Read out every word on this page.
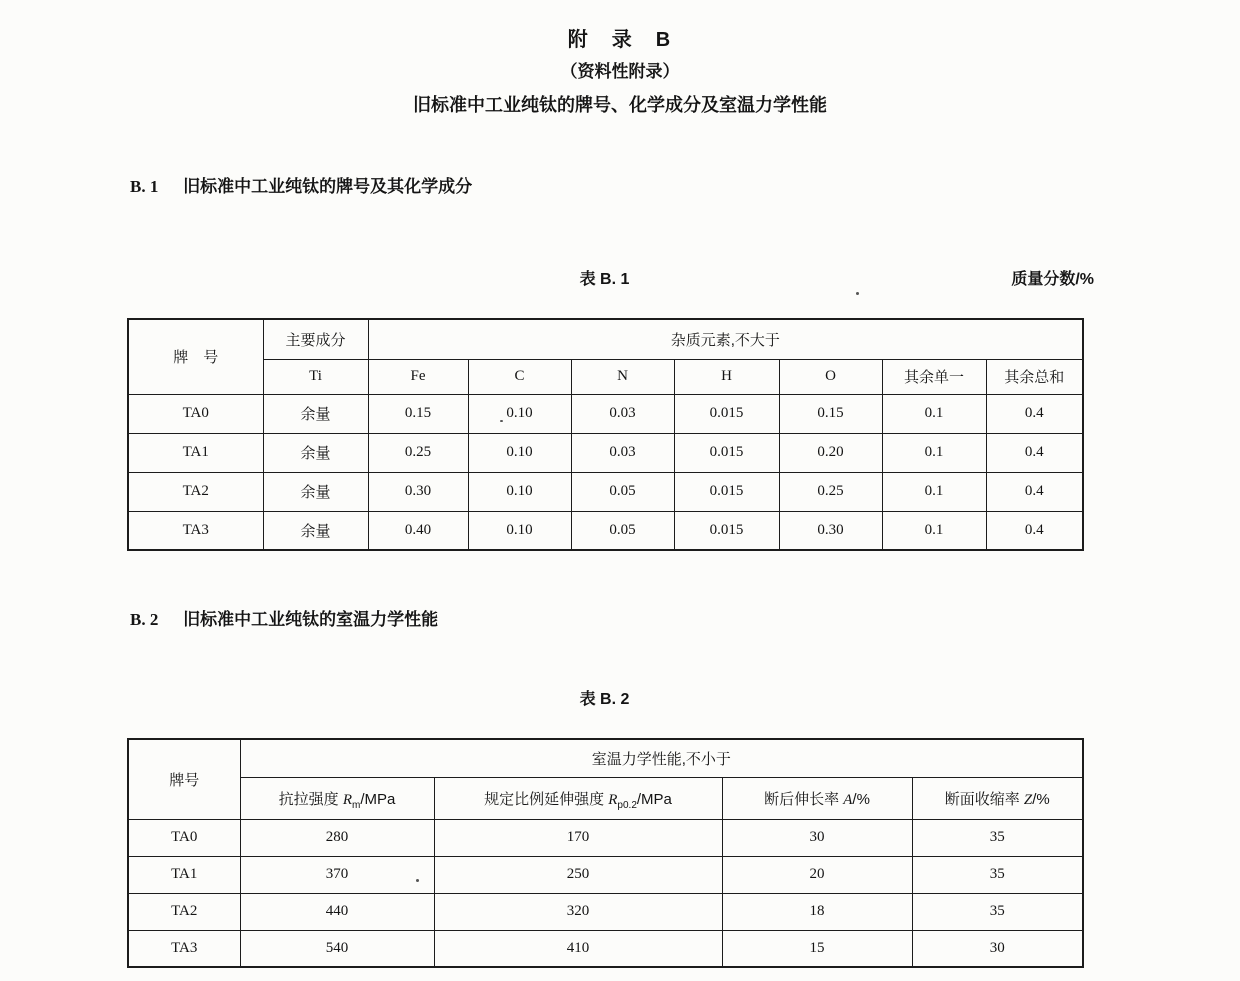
附　录　B
（资料性附录）
旧标准中工业纯钛的牌号、化学成分及室温力学性能
B. 1 旧标准中工业纯钛的牌号及其化学成分
表 B. 1	质量分数/%
牌　号	主要成分	杂质元素,不大于						
	Ti	Fe	C	N	H	O	其余单一	其余总和
TA0	余量	0.15	0.10	0.03	0.015	0.15	0.1	0.4
TA1	余量	0.25	0.10	0.03	0.015	0.20	0.1	0.4
TA2	余量	0.30	0.10	0.05	0.015	0.25	0.1	0.4
TA3	余量	0.40	0.10	0.05	0.015	0.30	0.1	0.4
B. 2 旧标准中工业纯钛的室温力学性能
表 B. 2
牌号	室温力学性能,不小于			
	抗拉强度 $R_m$/MPa	规定比例延伸强度 $R_{p0.2}$/MPa	断后伸长率 A/%	断面收缩率 Z/%
TA0	280	170	30	35
TA1	370	250	20	35
TA2	440	320	18	35
TA3	540	410	15	30
